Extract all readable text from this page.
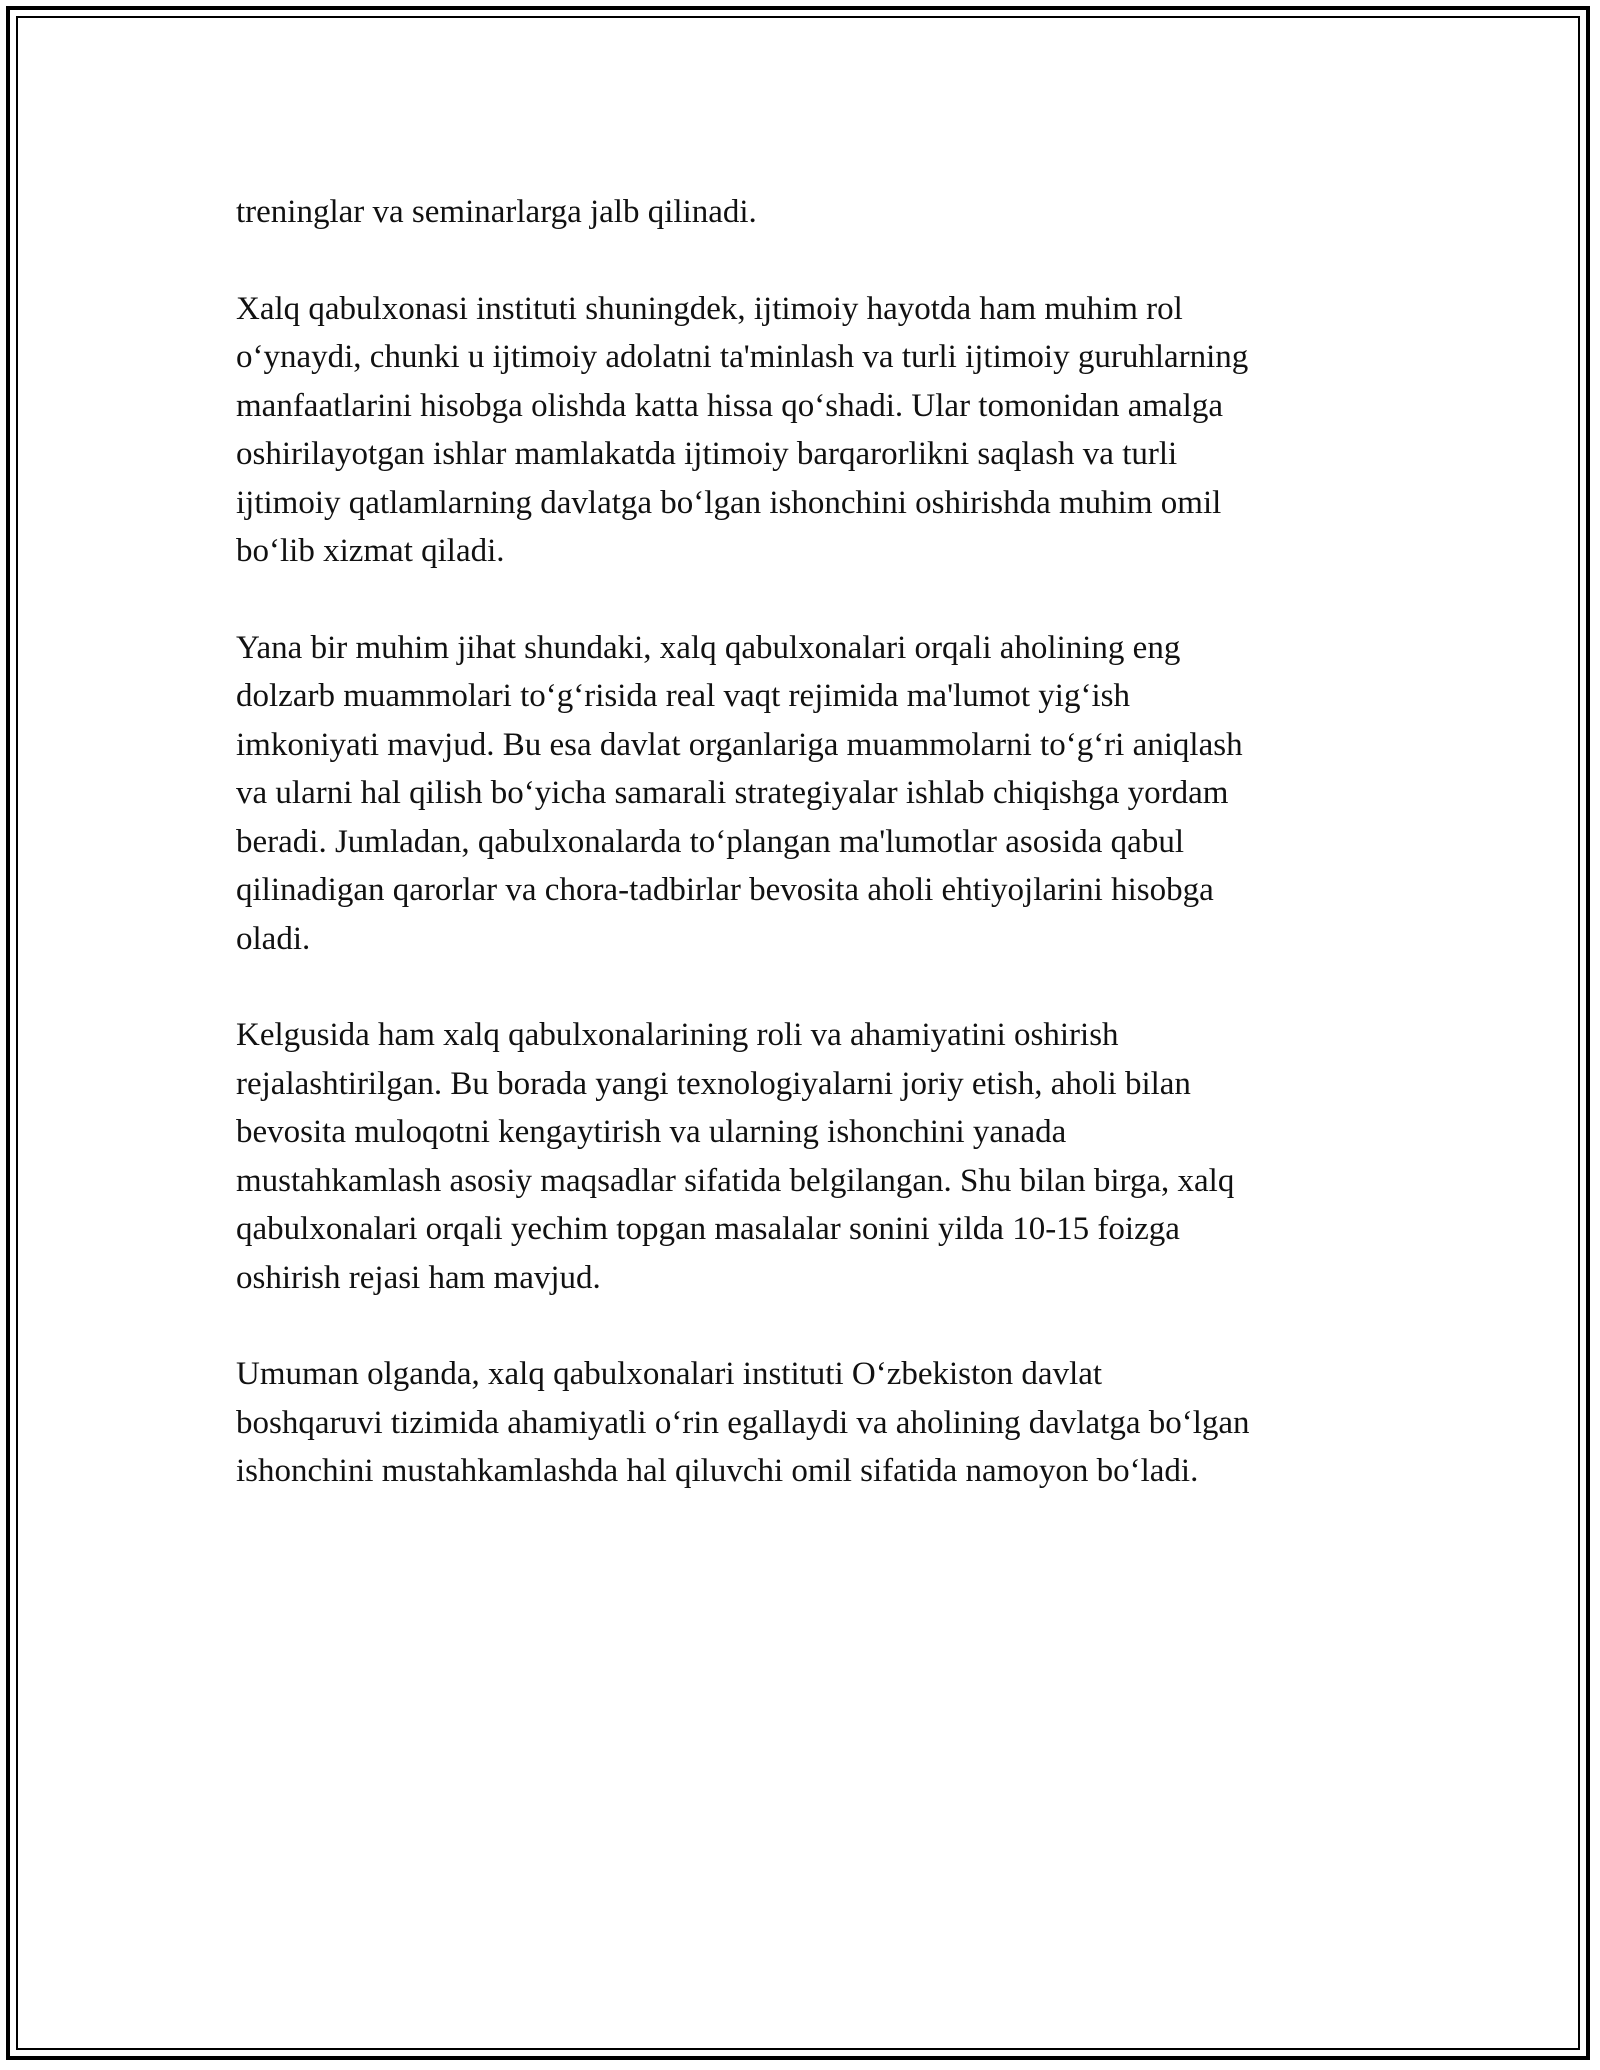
treninglar va seminarlarga jalb qilinadi.

Xalq qabulxonasi instituti shuningdek, ijtimoiy hayotda ham muhim rol
o‘ynaydi, chunki u ijtimoiy adolatni ta'minlash va turli ijtimoiy guruhlarning
manfaatlarini hisobga olishda katta hissa qo‘shadi. Ular tomonidan amalga
oshirilayotgan ishlar mamlakatda ijtimoiy barqarorlikni saqlash va turli
ijtimoiy qatlamlarning davlatga bo‘lgan ishonchini oshirishda muhim omil
bo‘lib xizmat qiladi.

Yana bir muhim jihat shundaki, xalq qabulxonalari orqali aholining eng
dolzarb muammolari to‘g‘risida real vaqt rejimida ma'lumot yig‘ish
imkoniyati mavjud. Bu esa davlat organlariga muammolarni to‘g‘ri aniqlash
va ularni hal qilish bo‘yicha samarali strategiyalar ishlab chiqishga yordam
beradi. Jumladan, qabulxonalarda to‘plangan ma'lumotlar asosida qabul
qilinadigan qarorlar va chora-tadbirlar bevosita aholi ehtiyojlarini hisobga
oladi.

Kelgusida ham xalq qabulxonalarining roli va ahamiyatini oshirish
rejalashtirilgan. Bu borada yangi texnologiyalarni joriy etish, aholi bilan
bevosita muloqotni kengaytirish va ularning ishonchini yanada
mustahkamlash asosiy maqsadlar sifatida belgilangan. Shu bilan birga, xalq
qabulxonalari orqali yechim topgan masalalar sonini yilda 10-15 foizga
oshirish rejasi ham mavjud.

Umuman olganda, xalq qabulxonalari instituti O‘zbekiston davlat
boshqaruvi tizimida ahamiyatli o‘rin egallaydi va aholining davlatga bo‘lgan
ishonchini mustahkamlashda hal qiluvchi omil sifatida namoyon bo‘ladi.
